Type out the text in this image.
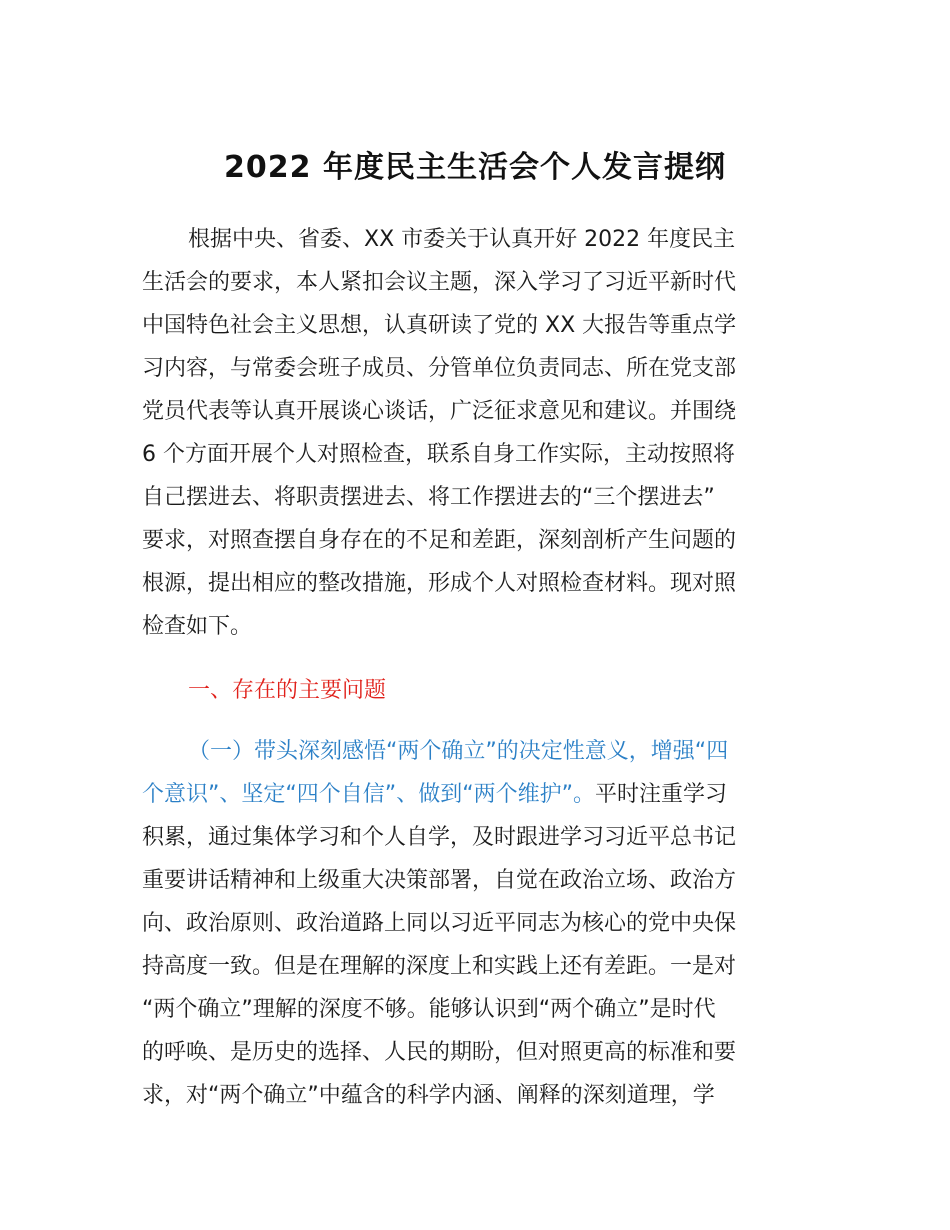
2022 年度民主生活会个人发言提纲
根据中央、省委、XX 市委关于认真开好 2022 年度民主
生活会的要求，本人紧扣会议主题，深入学习了习近平新时代
中国特色社会主义思想，认真研读了党的 XX 大报告等重点学
习内容，与常委会班子成员、分管单位负责同志、所在党支部
党员代表等认真开展谈心谈话，广泛征求意见和建议。并围绕
6 个方面开展个人对照检查，联系自身工作实际，主动按照将
自己摆进去、将职责摆进去、将工作摆进去的“三个摆进去”
要求，对照查摆自身存在的不足和差距，深刻剖析产生问题的
根源，提出相应的整改措施，形成个人对照检查材料。现对照
检查如下。
一、存在的主要问题
（一）带头深刻感悟“两个确立”的决定性意义，增强“四
个意识”、坚定“四个自信”、做到“两个维护”。平时注重学习
积累，通过集体学习和个人自学，及时跟进学习习近平总书记
重要讲话精神和上级重大决策部署，自觉在政治立场、政治方
向、政治原则、政治道路上同以习近平同志为核心的党中央保
持高度一致。但是在理解的深度上和实践上还有差距。一是对
“两个确立”理解的深度不够。能够认识到“两个确立”是时代
的呼唤、是历史的选择、人民的期盼，但对照更高的标准和要
求，对“两个确立”中蕴含的科学内涵、阐释的深刻道理，学
